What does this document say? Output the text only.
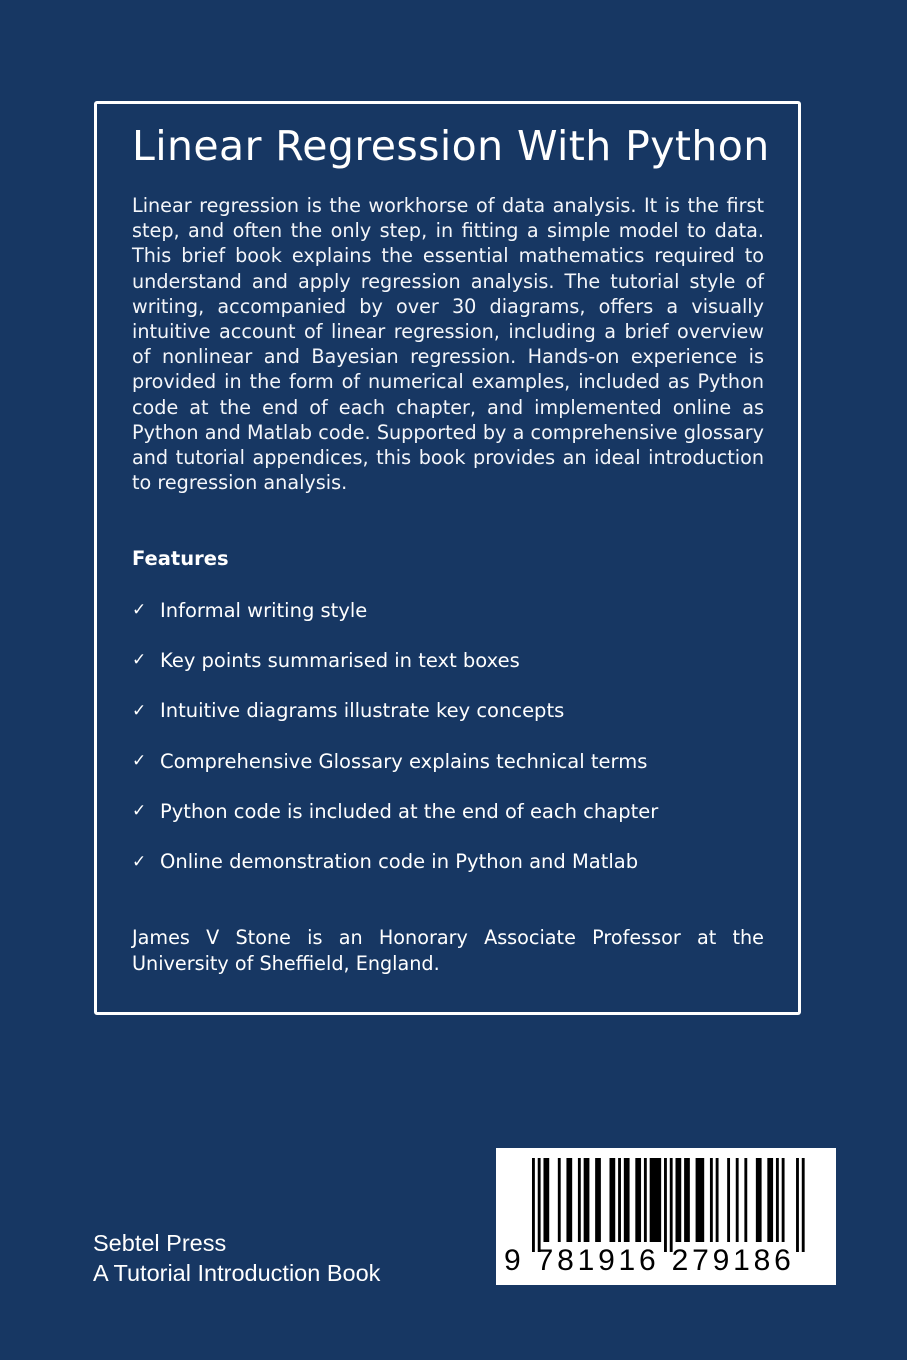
Linear Regression With Python

Linear regression is the workhorse of data analysis. It is the first step, and often the only step, in fitting a simple model to data. This brief book explains the essential mathematics required to understand and apply regression analysis. The tutorial style of writing, accompanied by over 30 diagrams, offers a visually intuitive account of linear regression, including a brief overview of nonlinear and Bayesian regression. Hands-on experience is provided in the form of numerical examples, included as Python code at the end of each chapter, and implemented online as Python and Matlab code. Supported by a comprehensive glossary and tutorial appendices, this book provides an ideal introduction to regression analysis.

Features
✓ Informal writing style
✓ Key points summarised in text boxes
✓ Intuitive diagrams illustrate key concepts
✓ Comprehensive Glossary explains technical terms
✓ Python code is included at the end of each chapter
✓ Online demonstration code in Python and Matlab

James V Stone is an Honorary Associate Professor at the University of Sheffield, England.

Sebtel Press
A Tutorial Introduction Book	9 781916 279186
